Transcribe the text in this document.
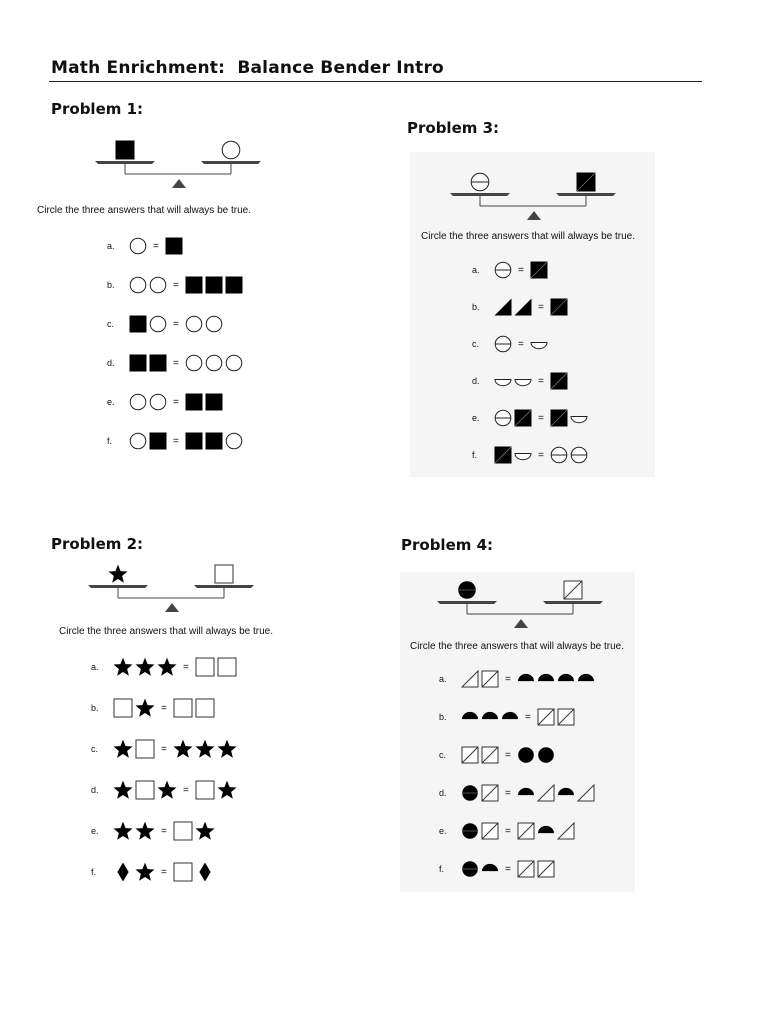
Math Enrichment:  Balance Bender Intro
Problem 1:
Circle the three answers that will always be true.
a.	=
b.	=
c.	=
d.	=
e.	=
f.	=
Problem 2:
Circle the three answers that will always be true.
a.	=
b.	=
c.	=
d.	=
e.	=
f.	=
Problem 3:
Circle the three answers that will always be true.
a.	=
b.	=
c.	=
d.	=
e.	=
f.	=
Problem 4:
Circle the three answers that will always be true.
a.	=
b.	=
c.	=
d.	=
e.	=
f.	=
